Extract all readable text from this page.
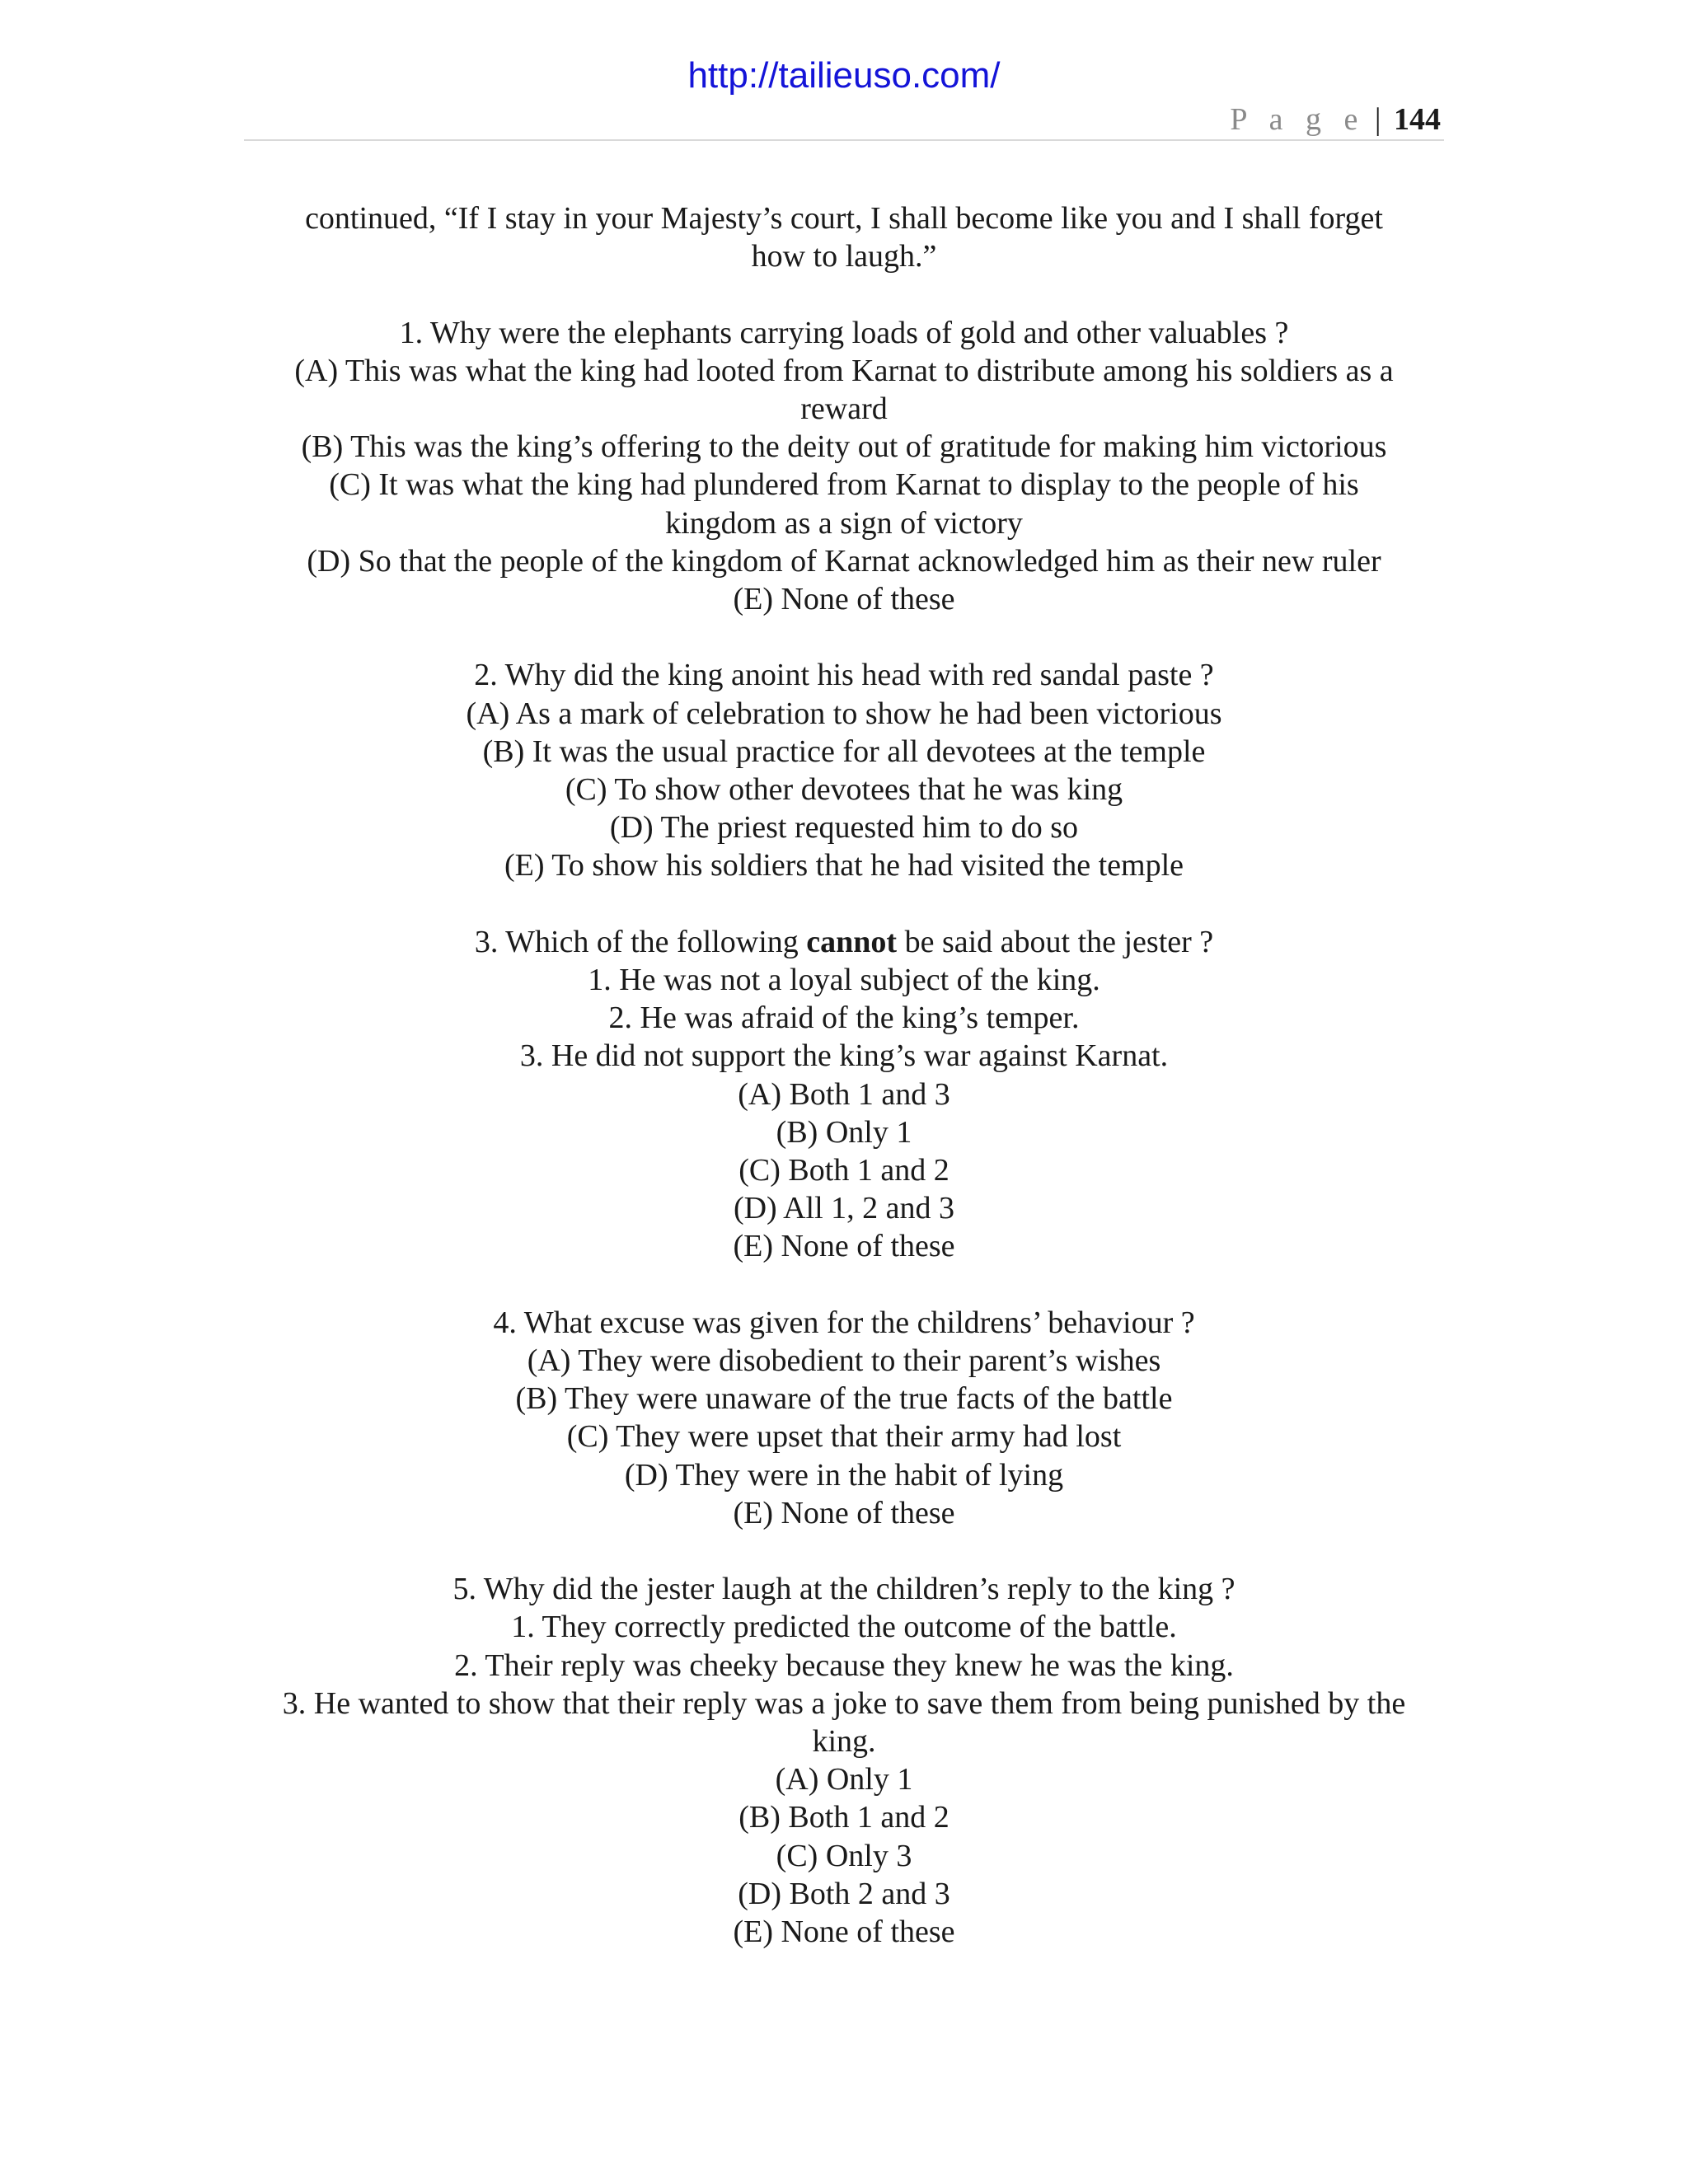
http://tailieuso.com/
P a g e | 144
continued, “If I stay in your Majesty’s court, I shall become like you and I shall forget
how to laugh.”
1. Why were the elephants carrying loads of gold and other valuables ?
(A) This was what the king had looted from Karnat to distribute among his soldiers as a
reward
(B) This was the king’s offering to the deity out of gratitude for making him victorious
(C) It was what the king had plundered from Karnat to display to the people of his
kingdom as a sign of victory
(D) So that the people of the kingdom of Karnat acknowledged him as their new ruler
(E) None of these
2. Why did the king anoint his head with red sandal paste ?
(A) As a mark of celebration to show he had been victorious
(B) It was the usual practice for all devotees at the temple
(C) To show other devotees that he was king
(D) The priest requested him to do so
(E) To show his soldiers that he had visited the temple
3. Which of the following cannot be said about the jester ?
1. He was not a loyal subject of the king.
2. He was afraid of the king’s temper.
3. He did not support the king’s war against Karnat.
(A) Both 1 and 3
(B) Only 1
(C) Both 1 and 2
(D) All 1, 2 and 3
(E) None of these
4. What excuse was given for the childrens’ behaviour ?
(A) They were disobedient to their parent’s wishes
(B) They were unaware of the true facts of the battle
(C) They were upset that their army had lost
(D) They were in the habit of lying
(E) None of these
5. Why did the jester laugh at the children’s reply to the king ?
1. They correctly predicted the outcome of the battle.
2. Their reply was cheeky because they knew he was the king.
3. He wanted to show that their reply was a joke to save them from being punished by the
king.
(A) Only 1
(B) Both 1 and 2
(C) Only 3
(D) Both 2 and 3
(E) None of these
